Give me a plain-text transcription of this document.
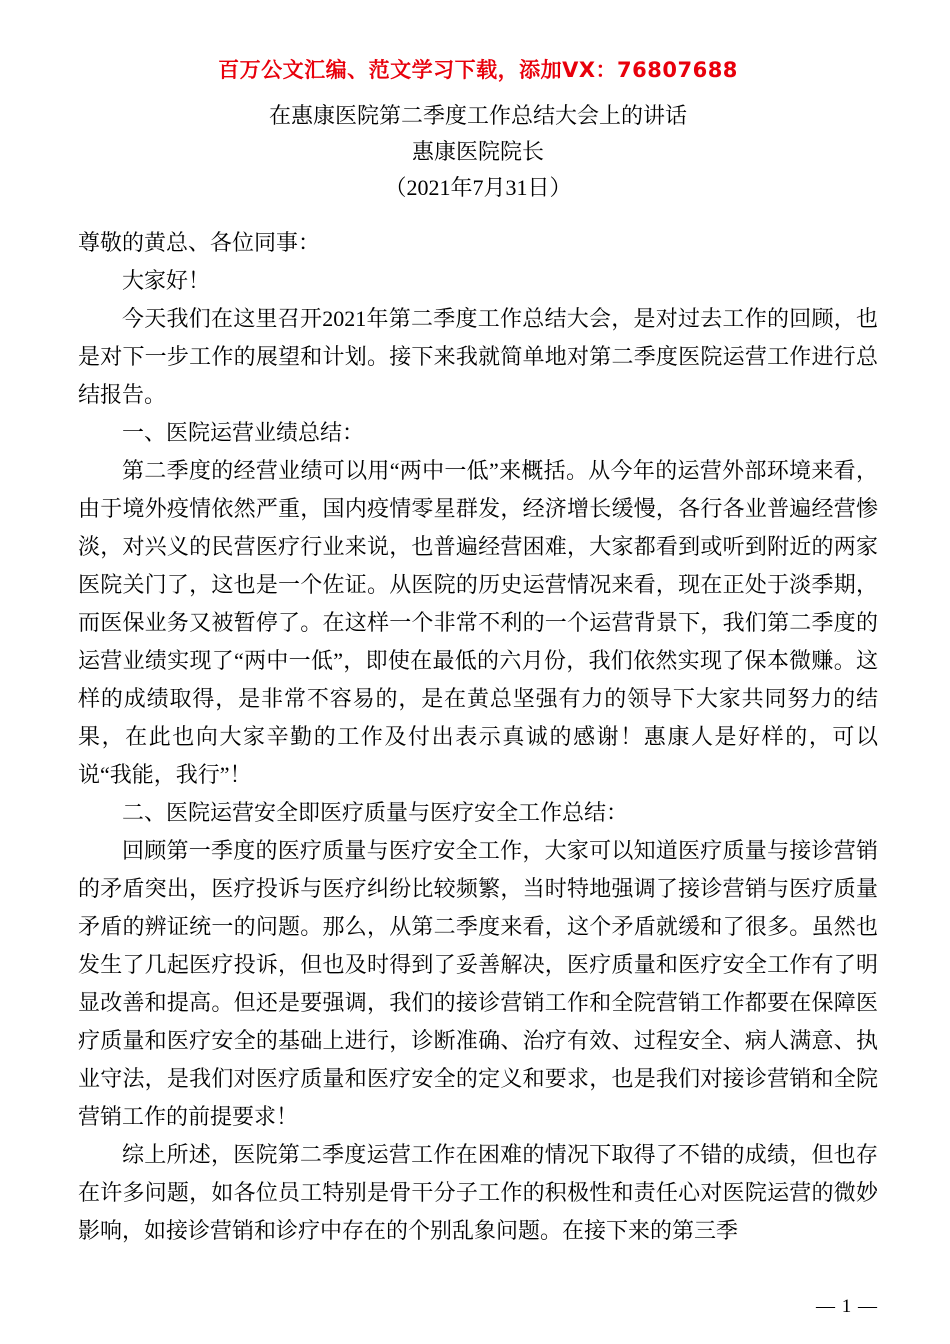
百万公文汇编、范文学习下载，添加VX：76807688
在惠康医院第二季度工作总结大会上的讲话
惠康医院院长
（2021年7月31日）

尊敬的黄总、各位同事：

大家好！

今天我们在这里召开2021年第二季度工作总结大会，是对过去工作的回顾，也是对下一步工作的展望和计划。接下来我就简单地对第二季度医院运营工作进行总结报告。

一、医院运营业绩总结：

第二季度的经营业绩可以用“两中一低”来概括。从今年的运营外部环境来看，由于境外疫情依然严重，国内疫情零星群发，经济增长缓慢，各行各业普遍经营惨淡，对兴义的民营医疗行业来说，也普遍经营困难，大家都看到或听到附近的两家医院关门了，这也是一个佐证。从医院的历史运营情况来看，现在正处于淡季期，而医保业务又被暂停了。在这样一个非常不利的一个运营背景下，我们第二季度的运营业绩实现了“两中一低”，即使在最低的六月份，我们依然实现了保本微赚。这样的成绩取得，是非常不容易的，是在黄总坚强有力的领导下大家共同努力的结果，在此也向大家辛勤的工作及付出表示真诚的感谢！惠康人是好样的，可以说“我能，我行”！

二、医院运营安全即医疗质量与医疗安全工作总结：

回顾第一季度的医疗质量与医疗安全工作，大家可以知道医疗质量与接诊营销的矛盾突出，医疗投诉与医疗纠纷比较频繁，当时特地强调了接诊营销与医疗质量矛盾的辨证统一的问题。那么，从第二季度来看，这个矛盾就缓和了很多。虽然也发生了几起医疗投诉，但也及时得到了妥善解决，医疗质量和医疗安全工作有了明显改善和提高。但还是要强调，我们的接诊营销工作和全院营销工作都要在保障医疗质量和医疗安全的基础上进行，诊断准确、治疗有效、过程安全、病人满意、执业守法，是我们对医疗质量和医疗安全的定义和要求，也是我们对接诊营销和全院营销工作的前提要求！

综上所述，医院第二季度运营工作在困难的情况下取得了不错的成绩，但也存在许多问题，如各位员工特别是骨干分子工作的积极性和责任心对医院运营的微妙影响，如接诊营销和诊疗中存在的个别乱象问题。在接下来的第三季

— 1 —
